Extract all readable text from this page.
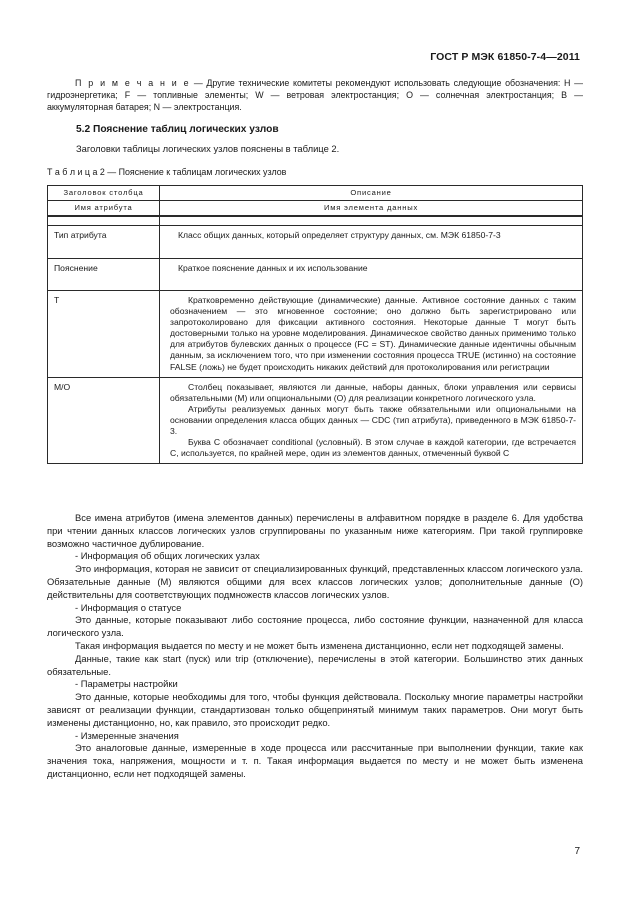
ГОСТ Р МЭК 61850-7-4—2011

П р и м е ч а н и е — Другие технические комитеты рекомендуют использовать следующие обозначения: H — гидроэнергетика; F — топливные элементы; W — ветровая электростанция; O — солнечная электростанция; B — аккумуляторная батарея; N — электростанция.

5.2 Пояснение таблиц логических узлов
Заголовки таблицы логических узлов пояснены в таблице 2.
Т а б л и ц а 2 — Пояснение к таблицам логических узлов
Заголовок столбца	Описание
Имя атрибута	Имя элемента данных

Тип атрибута	Класс общих данных, который определяет структуру данных, см. МЭК 61850-7-3

Пояснение	Краткое пояснение данных и их использование

T	Кратковременно действующие (динамические) данные. Активное состояние данных с таким обозначением — это мгновенное состояние; оно должно быть зарегистрировано или запротоколировано для фиксации активного состояния. Некоторые данные T могут быть достоверными только на уровне моделирования. Динамическое свойство данных применимо только для атрибутов булевских данных о процессе (FC = ST). Динамические данные идентичны обычным данным, за исключением того, что при изменении состояния процесса TRUE (истинно) на состояние FALSE (ложь) не будет происходить никаких действий для протоколирования или регистрации

M/O	Столбец показывает, являются ли данные, наборы данных, блоки управления или сервисы обязательными (M) или опциональными (O) для реализации конкретного логического узла.

Атрибуты реализуемых данных могут быть также обязательными или опциональными на основании определения класса общих данных — CDC (тип атрибута), приведенного в МЭК 61850-7-3.

Буква C обозначает conditional (условный). В этом случае в каждой категории, где встречается C, используется, по крайней мере, один из элементов данных, отмеченный буквой C

Все имена атрибутов (имена элементов данных) перечислены в алфавитном порядке в разделе 6. Для удобства при чтении данных классов логических узлов сгруппированы по указанным ниже категориям. При такой группировке возможно частичное дублирование.

- Информация об общих логических узлах

Это информация, которая не зависит от специализированных функций, представленных классом логического узла. Обязательные данные (M) являются общими для всех классов логических узлов; дополнительные данные (O) действительны для соответствующих подмножеств классов логических узлов.

- Информация о статусе

Это данные, которые показывают либо состояние процесса, либо состояние функции, назначенной для класса логического узла.

Такая информация выдается по месту и не может быть изменена дистанционно, если нет подходящей замены.

Данные, такие как start (пуск) или trip (отключение), перечислены в этой категории. Большинство этих данных обязательные.

- Параметры настройки

Это данные, которые необходимы для того, чтобы функция действовала. Поскольку многие параметры настройки зависят от реализации функции, стандартизован только общепринятый минимум таких параметров. Они могут быть изменены дистанционно, но, как правило, это происходит редко.

- Измеренные значения

Это аналоговые данные, измеренные в ходе процесса или рассчитанные при выполнении функции, такие как значения тока, напряжения, мощности и т. п. Такая информация выдается по месту и не может быть изменена дистанционно, если нет подходящей замены.

7
